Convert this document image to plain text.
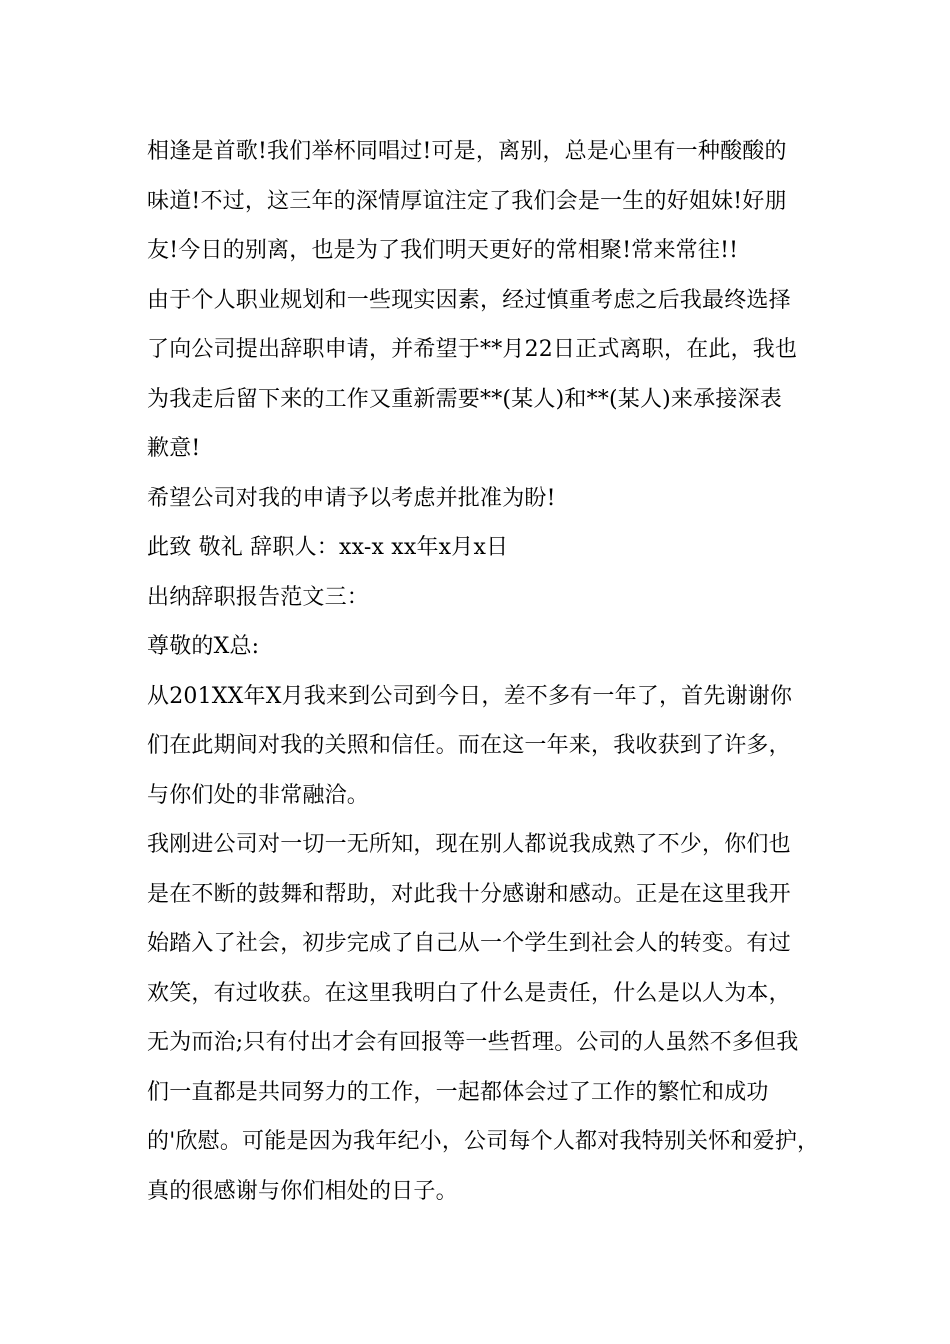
相逢是首歌!我们举杯同唱过!可是，离别，总是心里有一种酸酸的
味道!不过，这三年的深情厚谊注定了我们会是一生的好姐妹!好朋
友!今日的别离，也是为了我们明天更好的常相聚!常来常往!!
由于个人职业规划和一些现实因素，经过慎重考虑之后我最终选择
了向公司提出辞职申请，并希望于**月22日正式离职，在此，我也
为我走后留下来的工作又重新需要**(某人)和**(某人)来承接深表
歉意!
希望公司对我的申请予以考虑并批准为盼!
此致 敬礼 辞职人：xx-x xx年x月x日
出纳辞职报告范文三：
尊敬的X总:
从201XX年X月我来到公司到今日，差不多有一年了，首先谢谢你
们在此期间对我的关照和信任。而在这一年来，我收获到了许多，
与你们处的非常融洽。
我刚进公司对一切一无所知，现在别人都说我成熟了不少，你们也
是在不断的鼓舞和帮助，对此我十分感谢和感动。正是在这里我开
始踏入了社会，初步完成了自己从一个学生到社会人的转变。有过
欢笑，有过收获。在这里我明白了什么是责任，什么是以人为本，
无为而治;只有付出才会有回报等一些哲理。公司的人虽然不多但我
们一直都是共同努力的工作，一起都体会过了工作的繁忙和成功
的'欣慰。可能是因为我年纪小，公司每个人都对我特别关怀和爱护，
真的很感谢与你们相处的日子。
